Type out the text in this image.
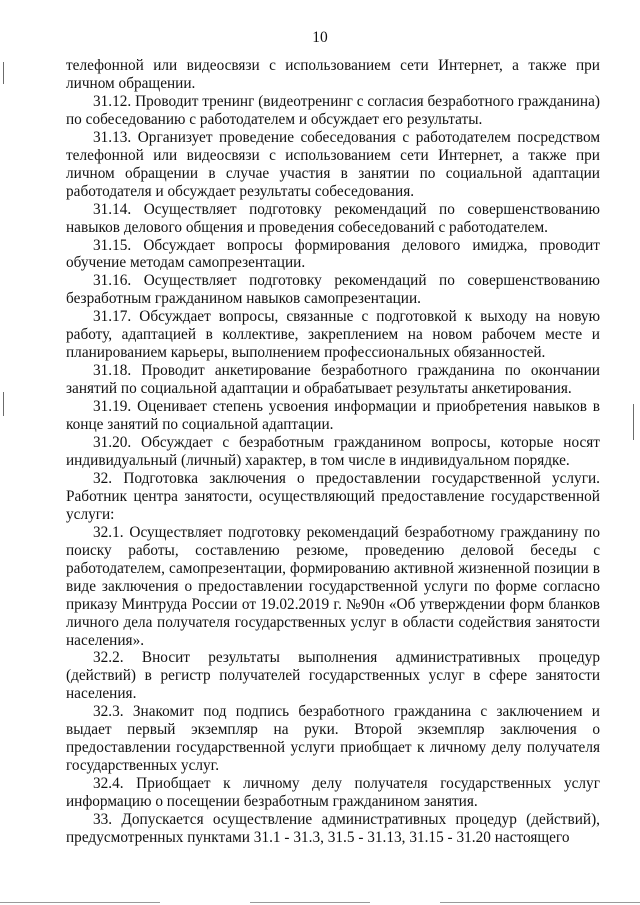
10

телефонной или видеосвязи с использованием сети Интернет, а также при личном обращении.

31.12. Проводит тренинг (видеотренинг с согласия безработного гражданина) по собеседованию с работодателем и обсуждает его результаты.

31.13. Организует проведение собеседования с работодателем посредством телефонной или видеосвязи с использованием сети Интернет, а также при личном обращении в случае участия в занятии по социальной адаптации работодателя и обсуждает результаты собеседования.

31.14. Осуществляет подготовку рекомендаций по совершенствованию навыков делового общения и проведения собеседований с работодателем.

31.15. Обсуждает вопросы формирования делового имиджа, проводит обучение методам самопрезентации.

31.16. Осуществляет подготовку рекомендаций по совершенствованию безработным гражданином навыков самопрезентации.

31.17. Обсуждает вопросы, связанные с подготовкой к выходу на новую работу, адаптацией в коллективе, закреплением на новом рабочем месте и планированием карьеры, выполнением профессиональных обязанностей.

31.18. Проводит анкетирование безработного гражданина по окончании занятий по социальной адаптации и обрабатывает результаты анкетирования.

31.19. Оценивает степень усвоения информации и приобретения навыков в конце занятий по социальной адаптации.

31.20. Обсуждает с безработным гражданином вопросы, которые носят индивидуальный (личный) характер, в том числе в индивидуальном порядке.

32. Подготовка заключения о предоставлении государственной услуги. Работник центра занятости, осуществляющий предоставление государственной услуги:

32.1. Осуществляет подготовку рекомендаций безработному гражданину по поиску работы, составлению резюме, проведению деловой беседы с работодателем, самопрезентации, формированию активной жизненной позиции в виде заключения о предоставлении государственной услуги по форме согласно приказу Минтруда России от 19.02.2019 г. №90н «Об утверждении форм бланков личного дела получателя государственных услуг в области содействия занятости населения».

32.2. Вносит результаты выполнения административных процедур (действий) в регистр получателей государственных услуг в сфере занятости населения.

32.3. Знакомит под подпись безработного гражданина с заключением и выдает первый экземпляр на руки. Второй экземпляр заключения о предоставлении государственной услуги приобщает к личному делу получателя государственных услуг.

32.4. Приобщает к личному делу получателя государственных услуг информацию о посещении безработным гражданином занятия.

33. Допускается осуществление административных процедур (действий), предусмотренных пунктами 31.1 - 31.3, 31.5 - 31.13, 31.15 - 31.20 настоящего
